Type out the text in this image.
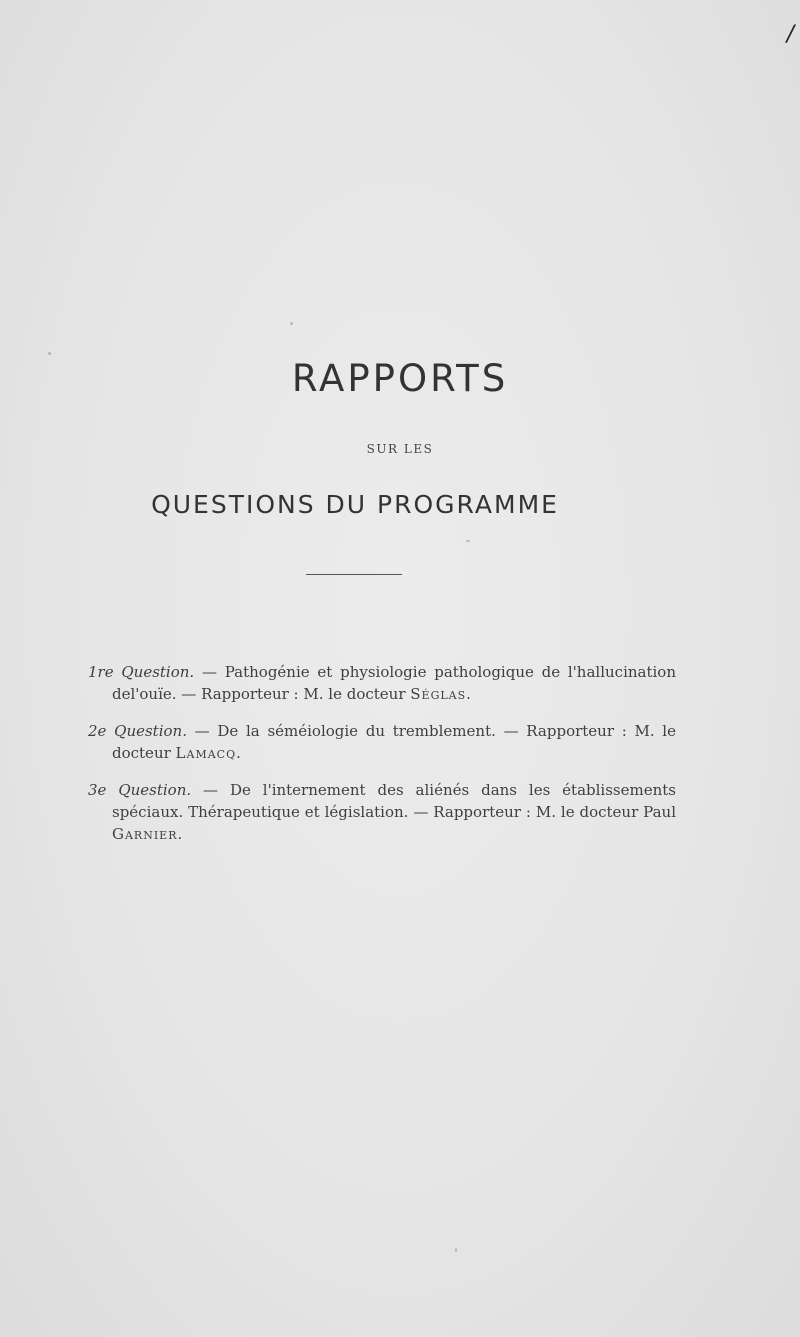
/
RAPPORTS
SUR LES
QUESTIONS DU PROGRAMME

1re Question. — Pathogénie et physiologie pathologique de l'hallucination del'ouïe. — Rapporteur : M. le docteur Séglas.

2e Question. — De la séméiologie du tremblement. — Rapporteur : M. le docteur Lamacq.

3e Question. — De l'internement des aliénés dans les établissements spéciaux. Thérapeutique et législation. — Rapporteur : M. le docteur Paul Garnier.
